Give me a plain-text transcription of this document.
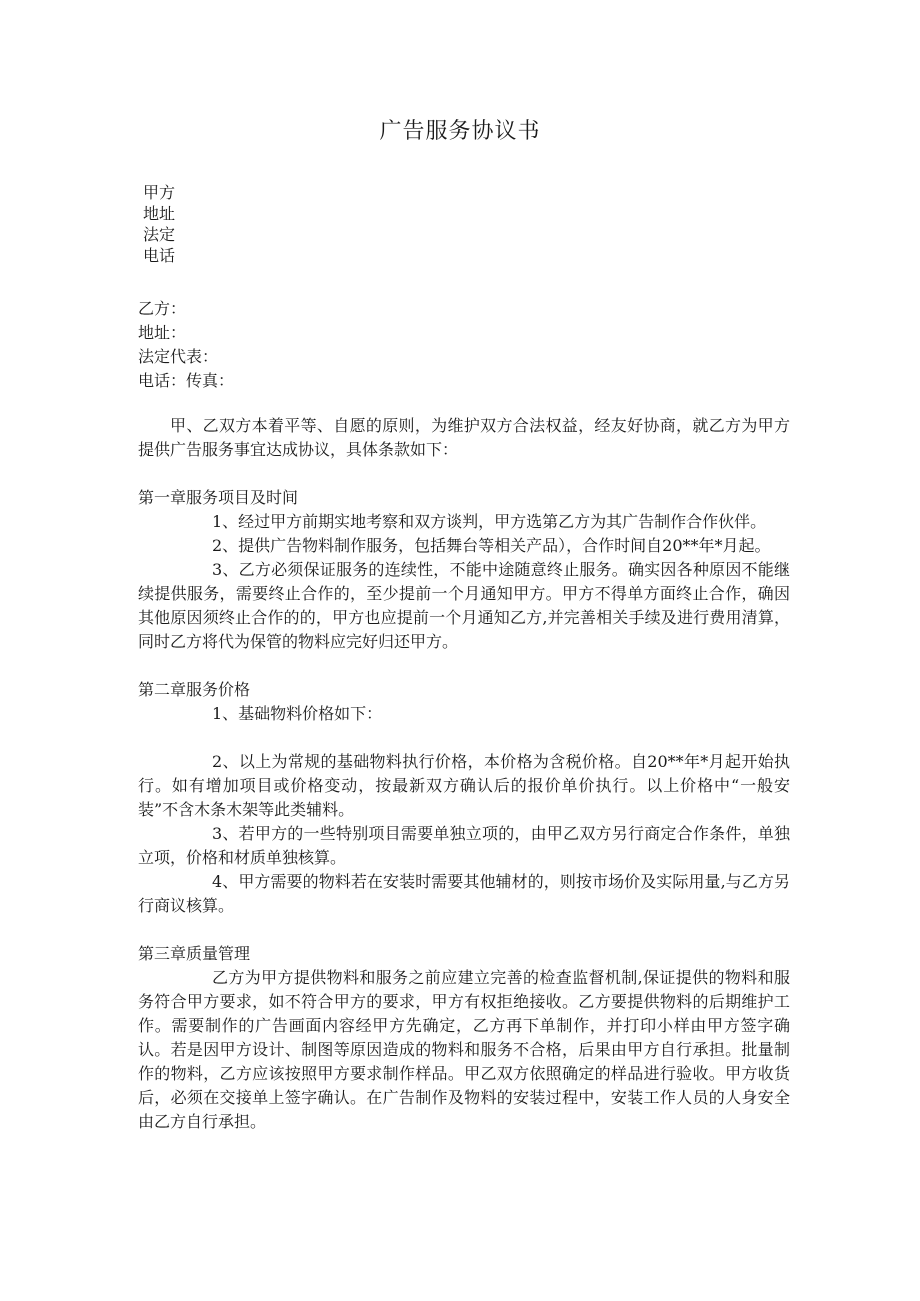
广告服务协议书
甲方
地址
法定
电话
乙方：
地址：
法定代表：
电话：传真：

甲、乙双方本着平等、自愿的原则，为维护双方合法权益，经友好协商，就乙方为甲方提供广告服务事宜达成协议，具体条款如下：

第一章服务项目及时间

1、经过甲方前期实地考察和双方谈判，甲方选第乙方为其广告制作合作伙伴。

2、提供广告物料制作服务，包括舞台等相关产品），合作时间自20**年*月起。

3、乙方必须保证服务的连续性，不能中途随意终止服务。确实因各种原因不能继续提供服务，需要终止合作的，至少提前一个月通知甲方。甲方不得单方面终止合作，确因其他原因须终止合作的的，甲方也应提前一个月通知乙方,并完善相关手续及进行费用清算，同时乙方将代为保管的物料应完好归还甲方。

第二章服务价格

1、基础物料价格如下：

2、以上为常规的基础物料执行价格，本价格为含税价格。自20**年*月起开始执行。如有增加项目或价格变动，按最新双方确认后的报价单价执行。以上价格中“一般安装”不含木条木架等此类辅料。

3、若甲方的一些特别项目需要单独立项的，由甲乙双方另行商定合作条件，单独立项，价格和材质单独核算。

4、甲方需要的物料若在安装时需要其他辅材的，则按市场价及实际用量,与乙方另行商议核算。

第三章质量管理

乙方为甲方提供物料和服务之前应建立完善的检查监督机制,保证提供的物料和服务符合甲方要求，如不符合甲方的要求，甲方有权拒绝接收。乙方要提供物料的后期维护工作。需要制作的广告画面内容经甲方先确定，乙方再下单制作，并打印小样由甲方签字确认。若是因甲方设计、制图等原因造成的物料和服务不合格，后果由甲方自行承担。批量制作的物料，乙方应该按照甲方要求制作样品。甲乙双方依照确定的样品进行验收。甲方收货后，必须在交接单上签字确认。在广告制作及物料的安装过程中，安装工作人员的人身安全由乙方自行承担。
